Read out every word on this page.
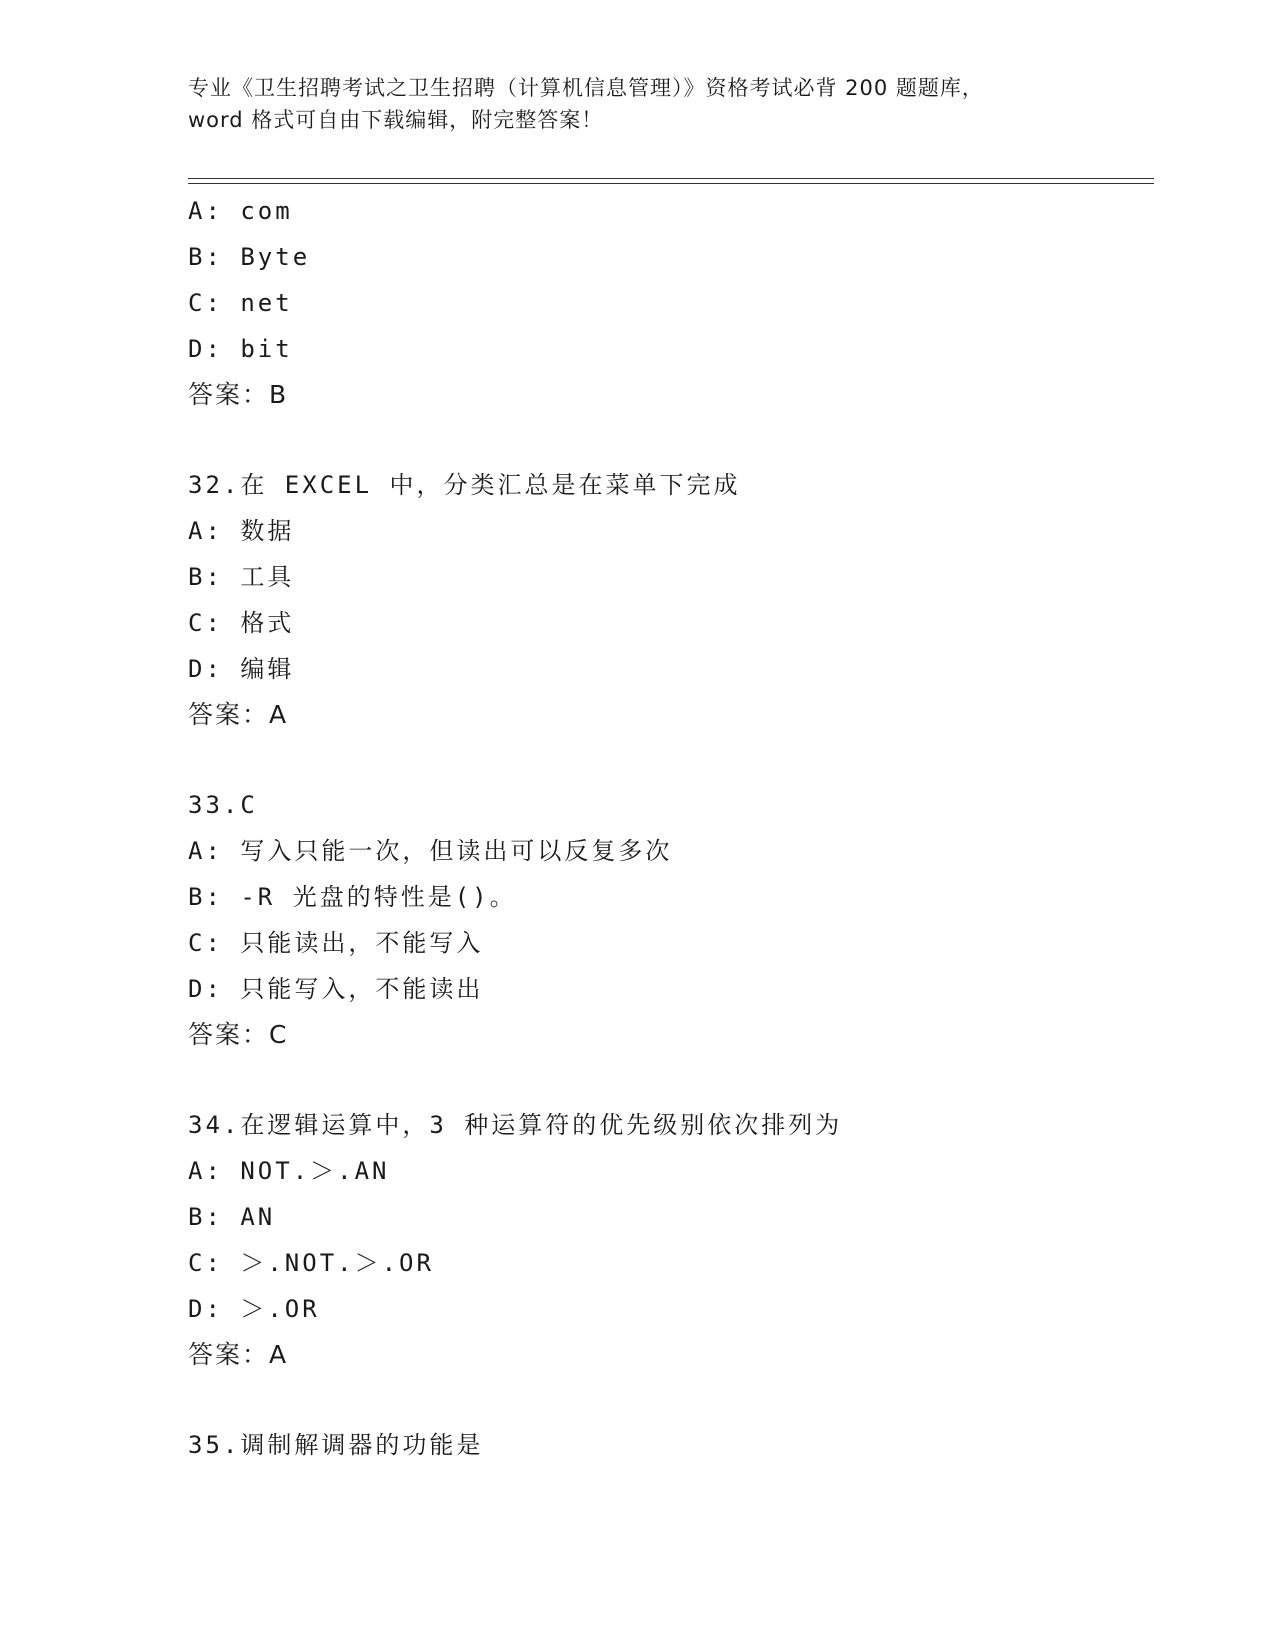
专业《卫生招聘考试之卫生招聘（计算机信息管理）》资格考试必背 200 题题库，
word 格式可自由下载编辑，附完整答案！
A: com
B: Byte
C: net
D: bit
答案：B
32.在 EXCEL 中，分类汇总是在菜单下完成
A: 数据
B: 工具
C: 格式
D: 编辑
答案：A
33.C
A: 写入只能一次，但读出可以反复多次
B: -R 光盘的特性是()。
C: 只能读出，不能写入
D: 只能写入，不能读出
答案：C
34.在逻辑运算中，3 种运算符的优先级别依次排列为
A: NOT.＞.AN
B: AN
C: ＞.NOT.＞.OR
D: ＞.OR
答案：A
35.调制解调器的功能是
